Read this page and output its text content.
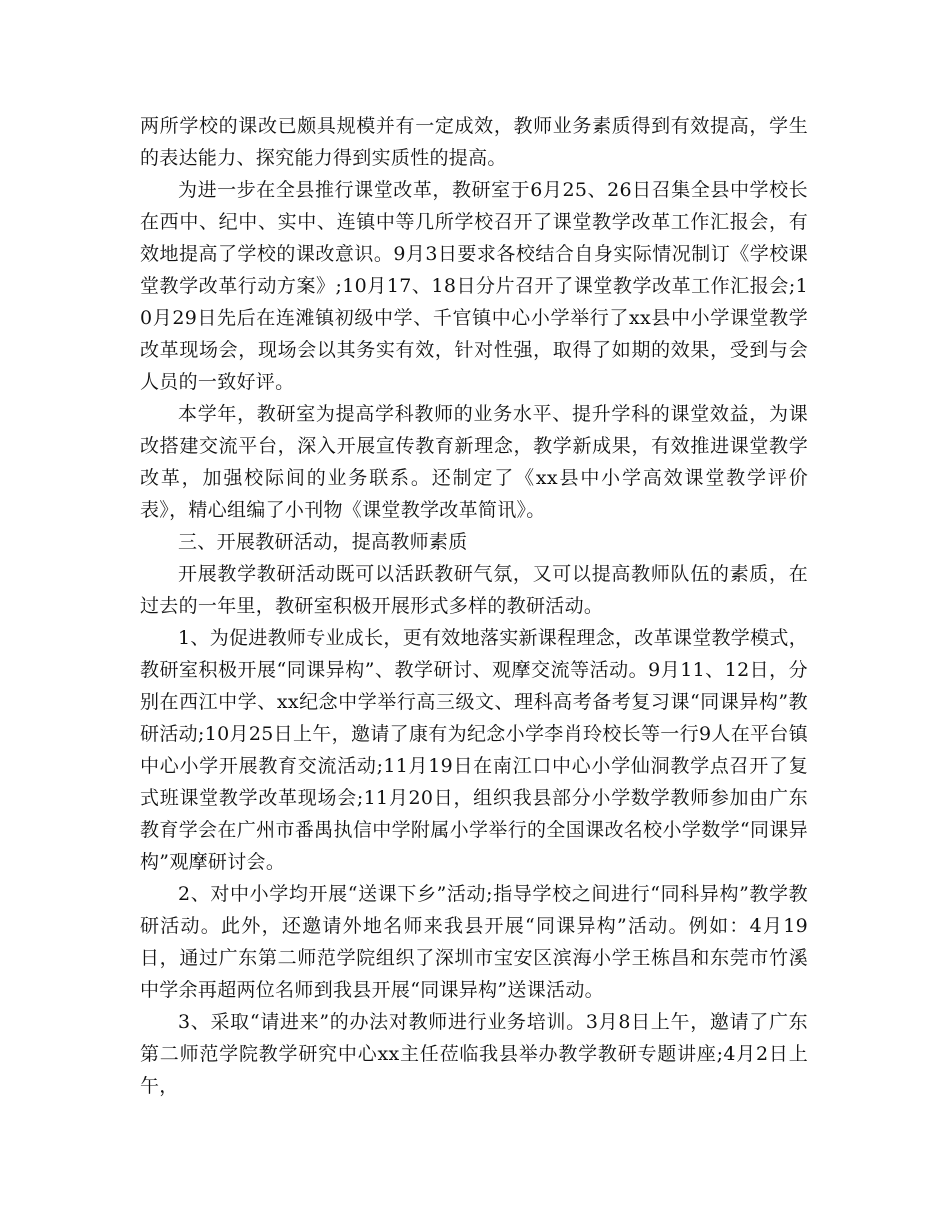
两所学校的课改已颇具规模并有一定成效，教师业务素质得到有效提高，学生的表达能力、探究能力得到实质性的提高。

为进一步在全县推行课堂改革，教研室于6月25、26日召集全县中学校长在西中、纪中、实中、连镇中等几所学校召开了课堂教学改革工作汇报会，有效地提高了学校的课改意识。9月3日要求各校结合自身实际情况制订《学校课堂教学改革行动方案》;10月17、18日分片召开了课堂教学改革工作汇报会;10月29日先后在连滩镇初级中学、千官镇中心小学举行了xx县中小学课堂教学改革现场会，现场会以其务实有效，针对性强，取得了如期的效果，受到与会人员的一致好评。

本学年，教研室为提高学科教师的业务水平、提升学科的课堂效益，为课改搭建交流平台，深入开展宣传教育新理念，教学新成果，有效推进课堂教学改革，加强校际间的业务联系。还制定了《xx县中小学高效课堂教学评价表》，精心组编了小刊物《课堂教学改革简讯》。

三、开展教研活动，提高教师素质

开展教学教研活动既可以活跃教研气氛，又可以提高教师队伍的素质，在过去的一年里，教研室积极开展形式多样的教研活动。

1、为促进教师专业成长，更有效地落实新课程理念，改革课堂教学模式，教研室积极开展“同课异构”、教学研讨、观摩交流等活动。9月11、12日，分别在西江中学、xx纪念中学举行高三级文、理科高考备考复习课“同课异构”教研活动;10月25日上午，邀请了康有为纪念小学李肖玲校长等一行9人在平台镇中心小学开展教育交流活动;11月19日在南江口中心小学仙洞教学点召开了复式班课堂教学改革现场会;11月20日，组织我县部分小学数学教师参加由广东教育学会在广州市番禺执信中学附属小学举行的全国课改名校小学数学“同课异构”观摩研讨会。

2、对中小学均开展“送课下乡”活动;指导学校之间进行“同科异构”教学教研活动。此外，还邀请外地名师来我县开展“同课异构”活动。例如：4月19日，通过广东第二师范学院组织了深圳市宝安区滨海小学王栋昌和东莞市竹溪中学余再超两位名师到我县开展“同课异构”送课活动。

3、采取“请进来”的办法对教师进行业务培训。3月8日上午，邀请了广东第二师范学院教学研究中心xx主任莅临我县举办教学教研专题讲座;4月2日上午，
